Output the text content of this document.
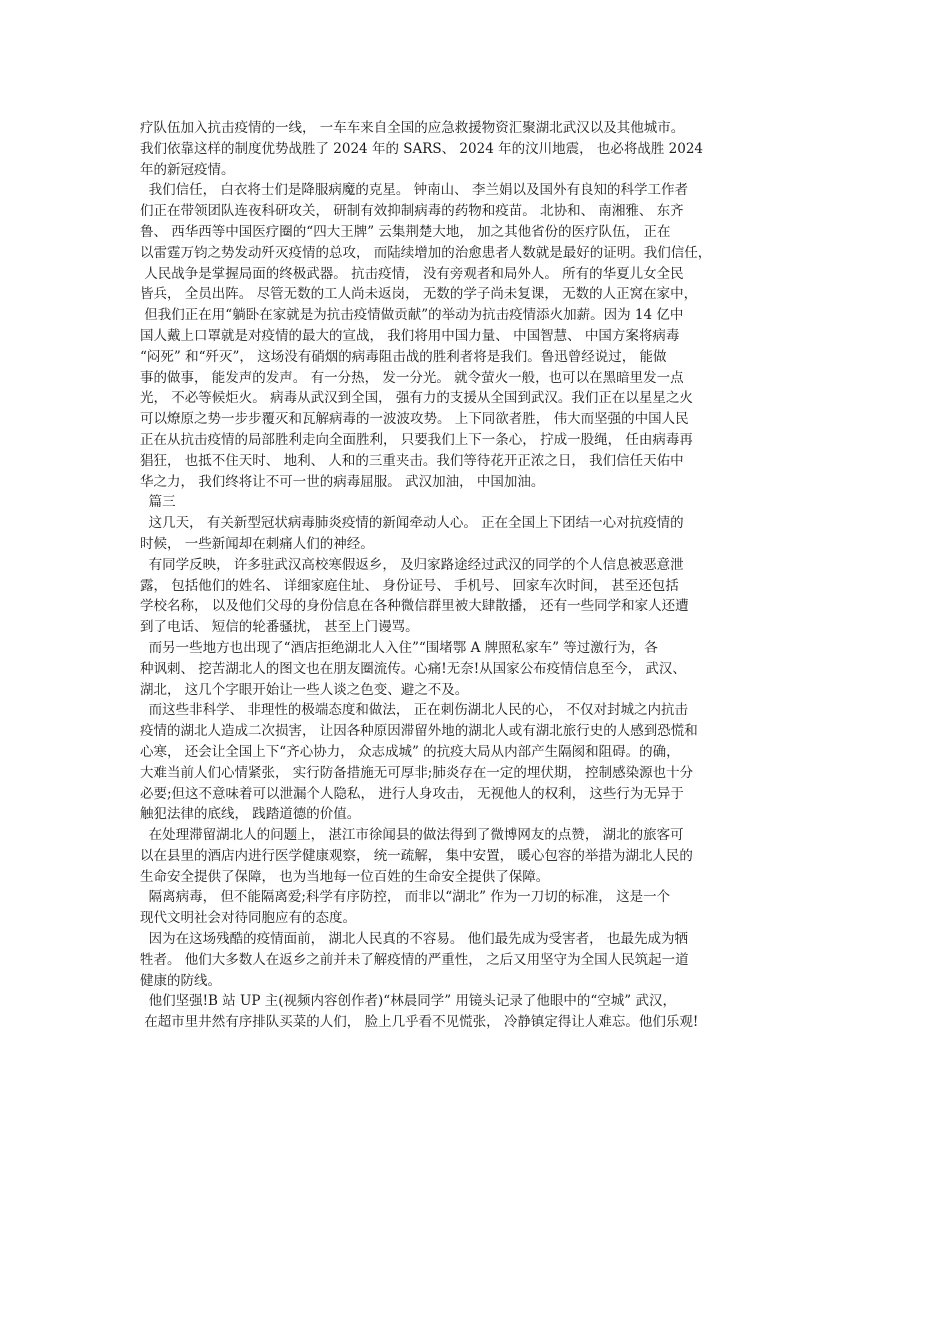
疗队伍加入抗击疫情的一线， 一车车来自全国的应急救援物资汇聚湖北武汉以及其他城市。

我们依靠这样的制度优势战胜了 2024 年的 SARS、 2024 年的汶川地震， 也必将战胜 2024

年的新冠疫情。

我们信任， 白衣将士们是降服病魔的克星。 钟南山、 李兰娟以及国外有良知的科学工作者

们正在带领团队连夜科研攻关， 研制有效抑制病毒的药物和疫苗。 北协和、 南湘雅、 东齐

鲁、 西华西等中国医疗圈的“四大王牌” 云集荆楚大地， 加之其他省份的医疗队伍， 正在

以雷霆万钧之势发动歼灭疫情的总攻， 而陆续增加的治愈患者人数就是最好的证明。我们信任，

人民战争是掌握局面的终极武器。 抗击疫情， 没有旁观者和局外人。 所有的华夏儿女全民

皆兵， 全员出阵。 尽管无数的工人尚未返岗， 无数的学子尚未复课， 无数的人正窝在家中，

但我们正在用“躺卧在家就是为抗击疫情做贡献”的举动为抗击疫情添火加薪。因为 14 亿中

国人戴上口罩就是对疫情的最大的宣战， 我们将用中国力量、 中国智慧、 中国方案将病毒

“闷死” 和“歼灭”， 这场没有硝烟的病毒阻击战的胜利者将是我们。鲁迅曾经说过， 能做

事的做事， 能发声的发声。 有一分热， 发一分光。 就令萤火一般，也可以在黑暗里发一点

光， 不必等候炬火。 病毒从武汉到全国， 强有力的支援从全国到武汉。我们正在以星星之火

可以燎原之势一步步覆灭和瓦解病毒的一波波攻势。 上下同欲者胜， 伟大而坚强的中国人民

正在从抗击疫情的局部胜利走向全面胜利， 只要我们上下一条心， 拧成一股绳， 任由病毒再

猖狂， 也抵不住天时、 地利、 人和的三重夹击。我们等待花开正浓之日， 我们信任天佑中

华之力， 我们终将让不可一世的病毒屈服。 武汉加油， 中国加油。

篇三

这几天， 有关新型冠状病毒肺炎疫情的新闻牵动人心。 正在全国上下团结一心对抗疫情的

时候， 一些新闻却在刺痛人们的神经。

有同学反映， 许多驻武汉高校寒假返乡， 及归家路途经过武汉的同学的个人信息被恶意泄

露， 包括他们的姓名、 详细家庭住址、 身份证号、 手机号、 回家车次时间， 甚至还包括

学校名称， 以及他们父母的身份信息在各种微信群里被大肆散播， 还有一些同学和家人还遭

到了电话、 短信的轮番骚扰， 甚至上门谩骂。

而另一些地方也出现了“酒店拒绝湖北人入住”“围堵鄂 A 牌照私家车” 等过激行为，各

种讽刺、 挖苦湖北人的图文也在朋友圈流传。心痛!无奈!从国家公布疫情信息至今， 武汉、

湖北， 这几个字眼开始让一些人谈之色变、避之不及。

而这些非科学、 非理性的极端态度和做法， 正在刺伤湖北人民的心， 不仅对封城之内抗击

疫情的湖北人造成二次损害， 让因各种原因滞留外地的湖北人或有湖北旅行史的人感到恐慌和

心寒， 还会让全国上下“齐心协力， 众志成城” 的抗疫大局从内部产生隔阂和阻碍。的确，

大难当前人们心情紧张， 实行防备措施无可厚非;肺炎存在一定的埋伏期， 控制感染源也十分

必要;但这不意味着可以泄漏个人隐私， 进行人身攻击， 无视他人的权利， 这些行为无异于

触犯法律的底线， 践踏道德的价值。

在处理滞留湖北人的问题上， 湛江市徐闻县的做法得到了微博网友的点赞， 湖北的旅客可

以在县里的酒店内进行医学健康观察， 统一疏解， 集中安置， 暖心包容的举措为湖北人民的

生命安全提供了保障， 也为当地每一位百姓的生命安全提供了保障。

隔离病毒， 但不能隔离爱;科学有序防控， 而非以“湖北” 作为一刀切的标准， 这是一个

现代文明社会对待同胞应有的态度。

因为在这场残酷的疫情面前， 湖北人民真的不容易。 他们最先成为受害者， 也最先成为牺

牲者。 他们大多数人在返乡之前并未了解疫情的严重性， 之后又用坚守为全国人民筑起一道

健康的防线。

他们坚强!B 站 UP 主(视频内容创作者)“林晨同学” 用镜头记录了他眼中的“空城” 武汉，

在超市里井然有序排队买菜的人们， 脸上几乎看不见慌张， 冷静镇定得让人难忘。他们乐观!
